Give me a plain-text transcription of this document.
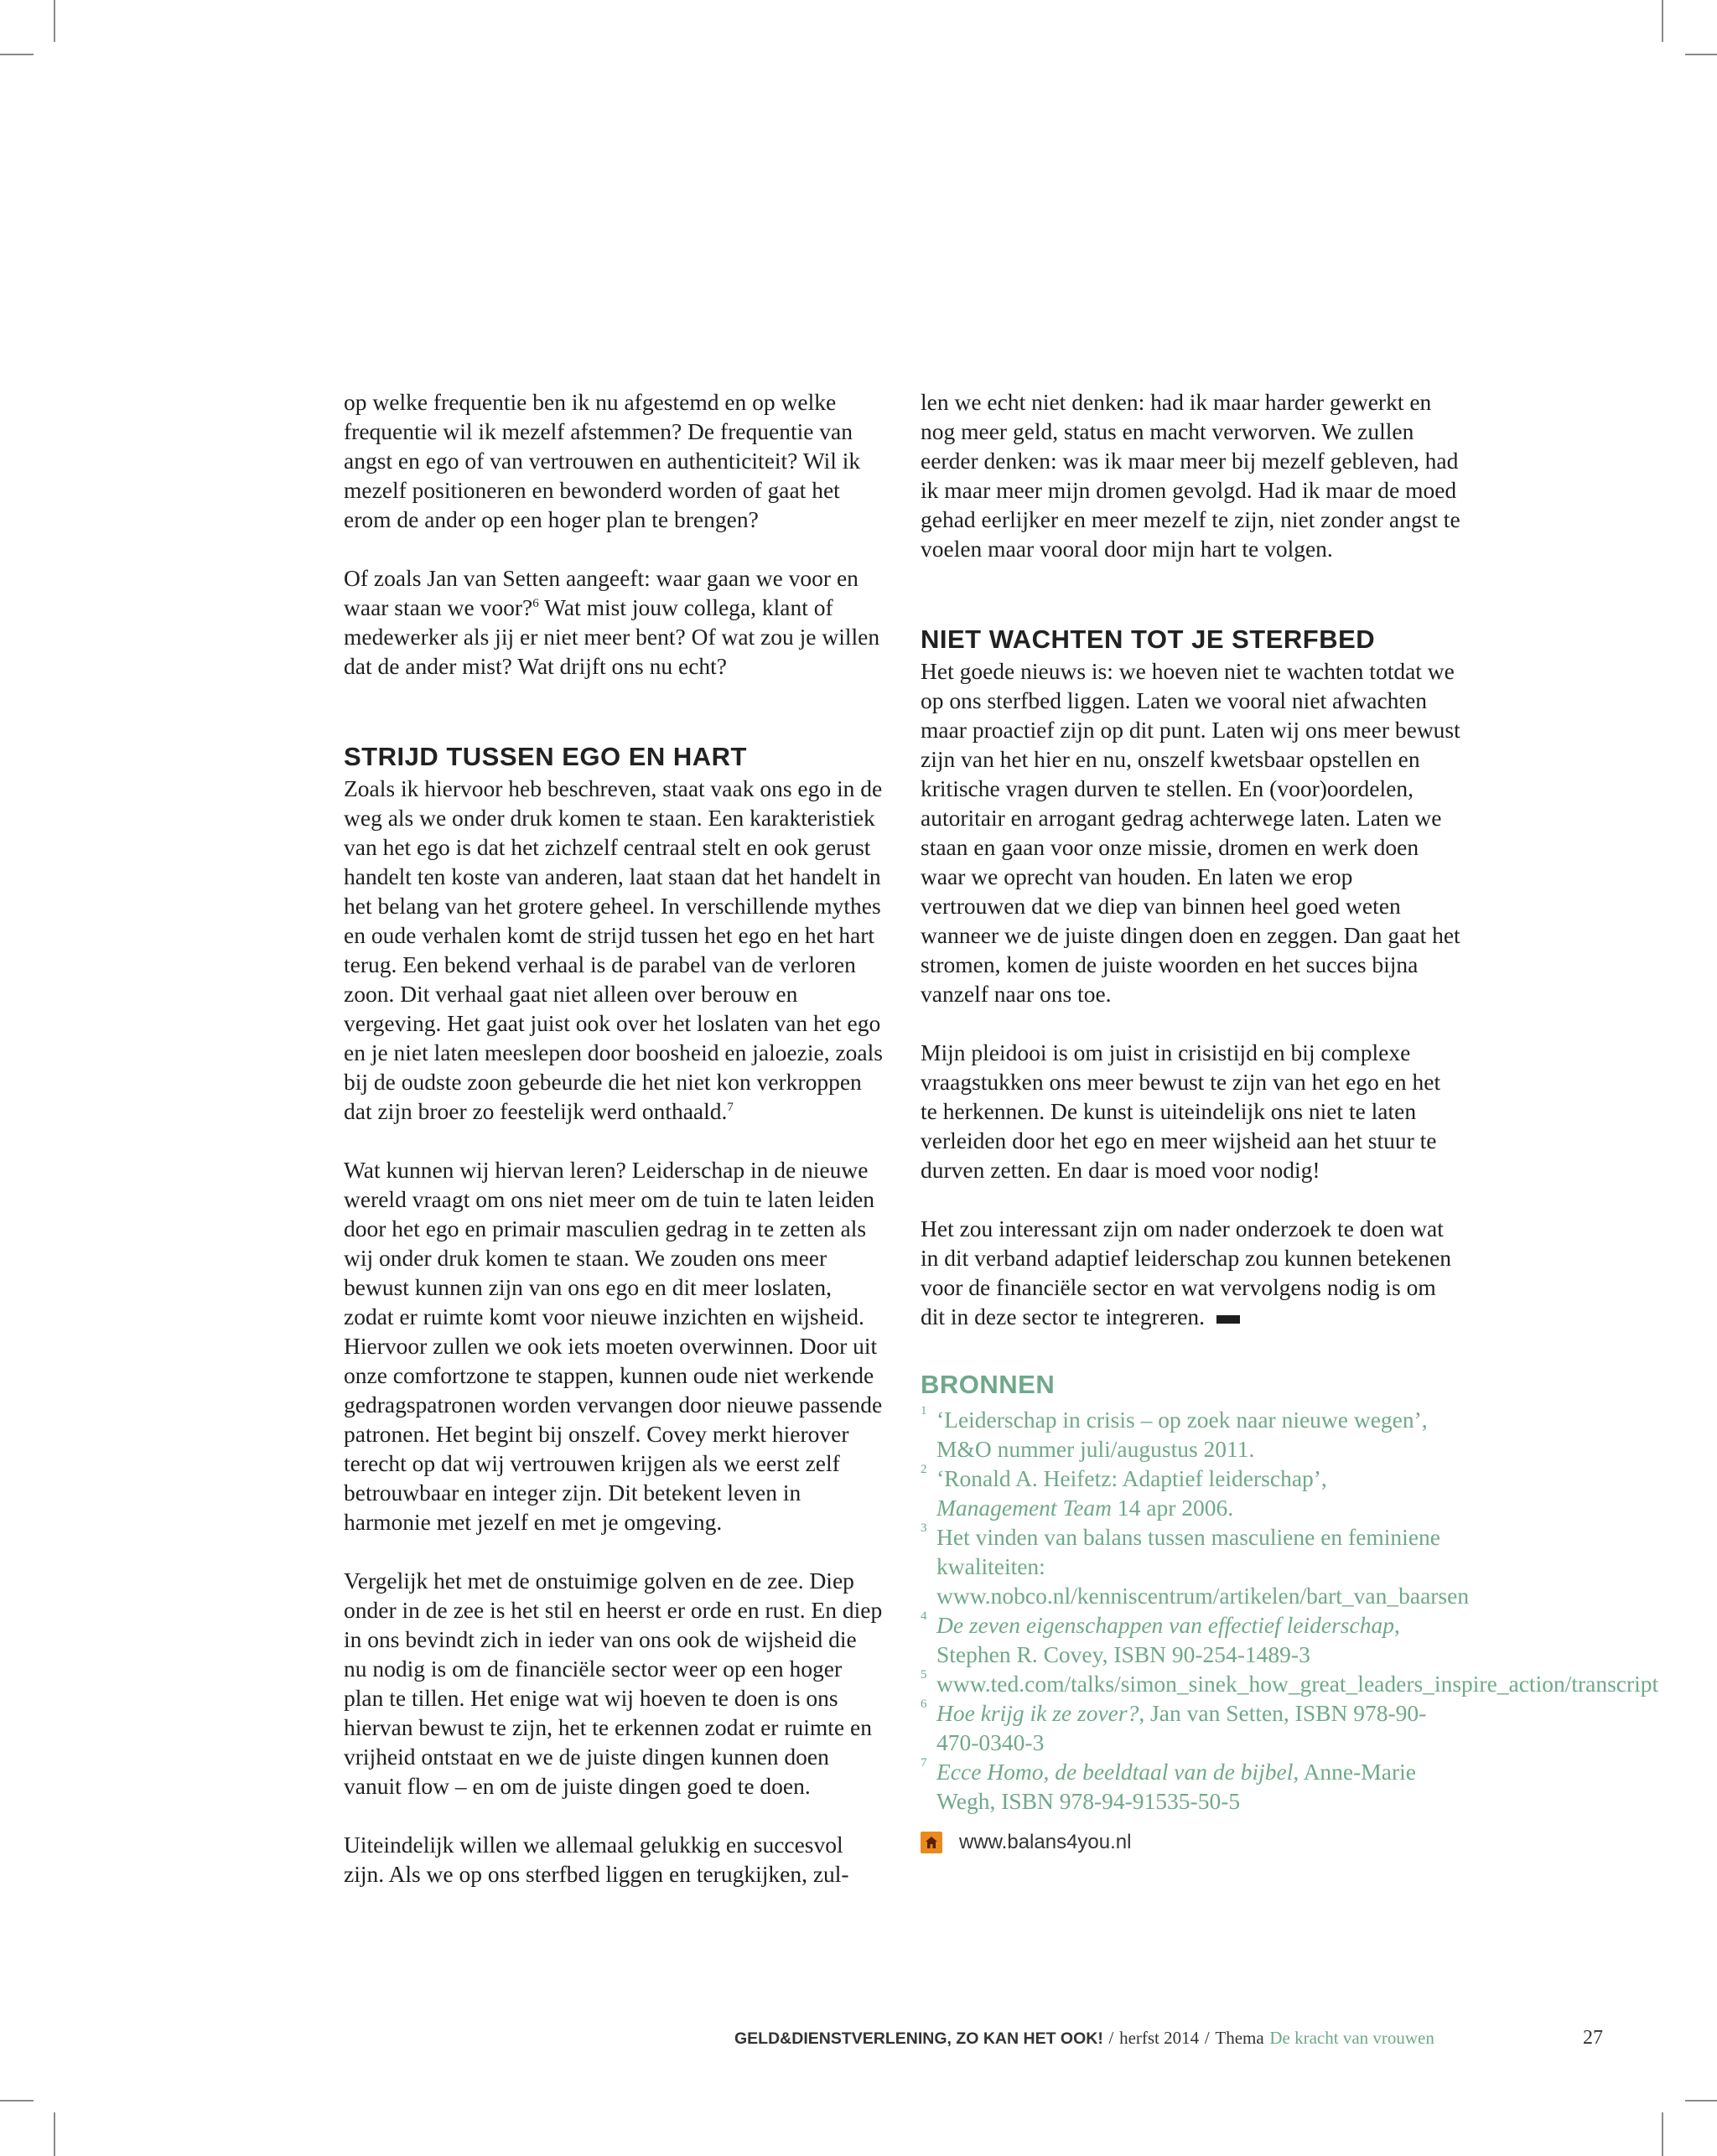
op welke frequentie ben ik nu afgestemd en op welke frequentie wil ik mezelf afstemmen? De frequentie van angst en ego of van vertrouwen en authenticiteit? Wil ik mezelf positioneren en bewonderd worden of gaat het erom de ander op een hoger plan te brengen?

Of zoals Jan van Setten aangeeft: waar gaan we voor en waar staan we voor?$^6$ Wat mist jouw collega, klant of medewerker als jij er niet meer bent? Of wat zou je willen dat de ander mist? Wat drijft ons nu echt?

STRIJD TUSSEN EGO EN HART

Zoals ik hiervoor heb beschreven, staat vaak ons ego in de weg als we onder druk komen te staan. Een karakteristiek van het ego is dat het zichzelf centraal stelt en ook gerust handelt ten koste van anderen, laat staan dat het handelt in het belang van het grotere geheel. In verschillende mythes en oude verhalen komt de strijd tussen het ego en het hart terug. Een bekend verhaal is de parabel van de verloren zoon. Dit verhaal gaat niet alleen over berouw en vergeving. Het gaat juist ook over het loslaten van het ego en je niet laten meeslepen door boosheid en jaloezie, zoals bij de oudste zoon gebeurde die het niet kon verkroppen dat zijn broer zo feestelijk werd onthaald.$^7$

Wat kunnen wij hiervan leren? Leiderschap in de nieuwe wereld vraagt om ons niet meer om de tuin te laten leiden door het ego en primair masculien gedrag in te zetten als wij onder druk komen te staan. We zouden ons meer bewust kunnen zijn van ons ego en dit meer loslaten, zodat er ruimte komt voor nieuwe inzichten en wijsheid. Hiervoor zullen we ook iets moeten overwinnen. Door uit onze comfortzone te stappen, kunnen oude niet werkende gedragspatronen worden vervangen door nieuwe passende patronen. Het begint bij onszelf. Covey merkt hierover terecht op dat wij vertrouwen krijgen als we eerst zelf betrouwbaar en integer zijn. Dit betekent leven in harmonie met jezelf en met je omgeving.

Vergelijk het met de onstuimige golven en de zee. Diep onder in de zee is het stil en heerst er orde en rust. En diep in ons bevindt zich in ieder van ons ook de wijsheid die nu nodig is om de financiële sector weer op een hoger plan te tillen. Het enige wat wij hoeven te doen is ons hiervan bewust te zijn, het te erkennen zodat er ruimte en vrijheid ontstaat en we de juiste dingen kunnen doen vanuit flow – en om de juiste dingen goed te doen.

Uiteindelijk willen we allemaal gelukkig en succesvol zijn. Als we op ons sterfbed liggen en terugkijken, zul-

len we echt niet denken: had ik maar harder gewerkt en nog meer geld, status en macht verworven. We zullen eerder denken: was ik maar meer bij mezelf gebleven, had ik maar meer mijn dromen gevolgd. Had ik maar de moed gehad eerlijker en meer mezelf te zijn, niet zonder angst te voelen maar vooral door mijn hart te volgen.

NIET WACHTEN TOT JE STERFBED

Het goede nieuws is: we hoeven niet te wachten totdat we op ons sterfbed liggen. Laten we vooral niet afwachten maar proactief zijn op dit punt. Laten wij ons meer bewust zijn van het hier en nu, onszelf kwetsbaar opstellen en kritische vragen durven te stellen. En (voor)oordelen, autoritair en arrogant gedrag achterwege laten. Laten we staan en gaan voor onze missie, dromen en werk doen waar we oprecht van houden. En laten we erop vertrouwen dat we diep van binnen heel goed weten wanneer we de juiste dingen doen en zeggen. Dan gaat het stromen, komen de juiste woorden en het succes bijna vanzelf naar ons toe.

Mijn pleidooi is om juist in crisistijd en bij complexe vraagstukken ons meer bewust te zijn van het ego en het te herkennen. De kunst is uiteindelijk ons niet te laten verleiden door het ego en meer wijsheid aan het stuur te durven zetten. En daar is moed voor nodig!

Het zou interessant zijn om nader onderzoek te doen wat in dit verband adaptief leiderschap zou kunnen betekenen voor de financiële sector en wat vervolgens nodig is om dit in deze sector te integreren.

BRONNEN
1 ‘Leiderschap in crisis – op zoek naar nieuwe wegen’, M&O nummer juli/augustus 2011.
2 ‘Ronald A. Heifetz: Adaptief leiderschap’,
Management Team 14 apr 2006.
3 Het vinden van balans tussen masculiene en feminiene kwaliteiten: www.nobco.nl/kenniscentrum/artikelen/bart_van_baarsen
4 De zeven eigenschappen van effectief leiderschap, Stephen R. Covey, ISBN 90-254-1489-3
5 www.ted.com/talks/simon_sinek_how_great_leaders_inspire_action/transcript
6 Hoe krijg ik ze zover?, Jan van Setten, ISBN 978-90-470-0340-3
7 Ecce Homo, de beeldtaal van de bijbel, Anne-Marie Wegh, ISBN 978-94-91535-50-5
www.balans4you.nl
GELD&DIENSTVERLENING, ZO KAN HET OOK! / herfst 2014 / Thema De kracht van vrouwen	27
